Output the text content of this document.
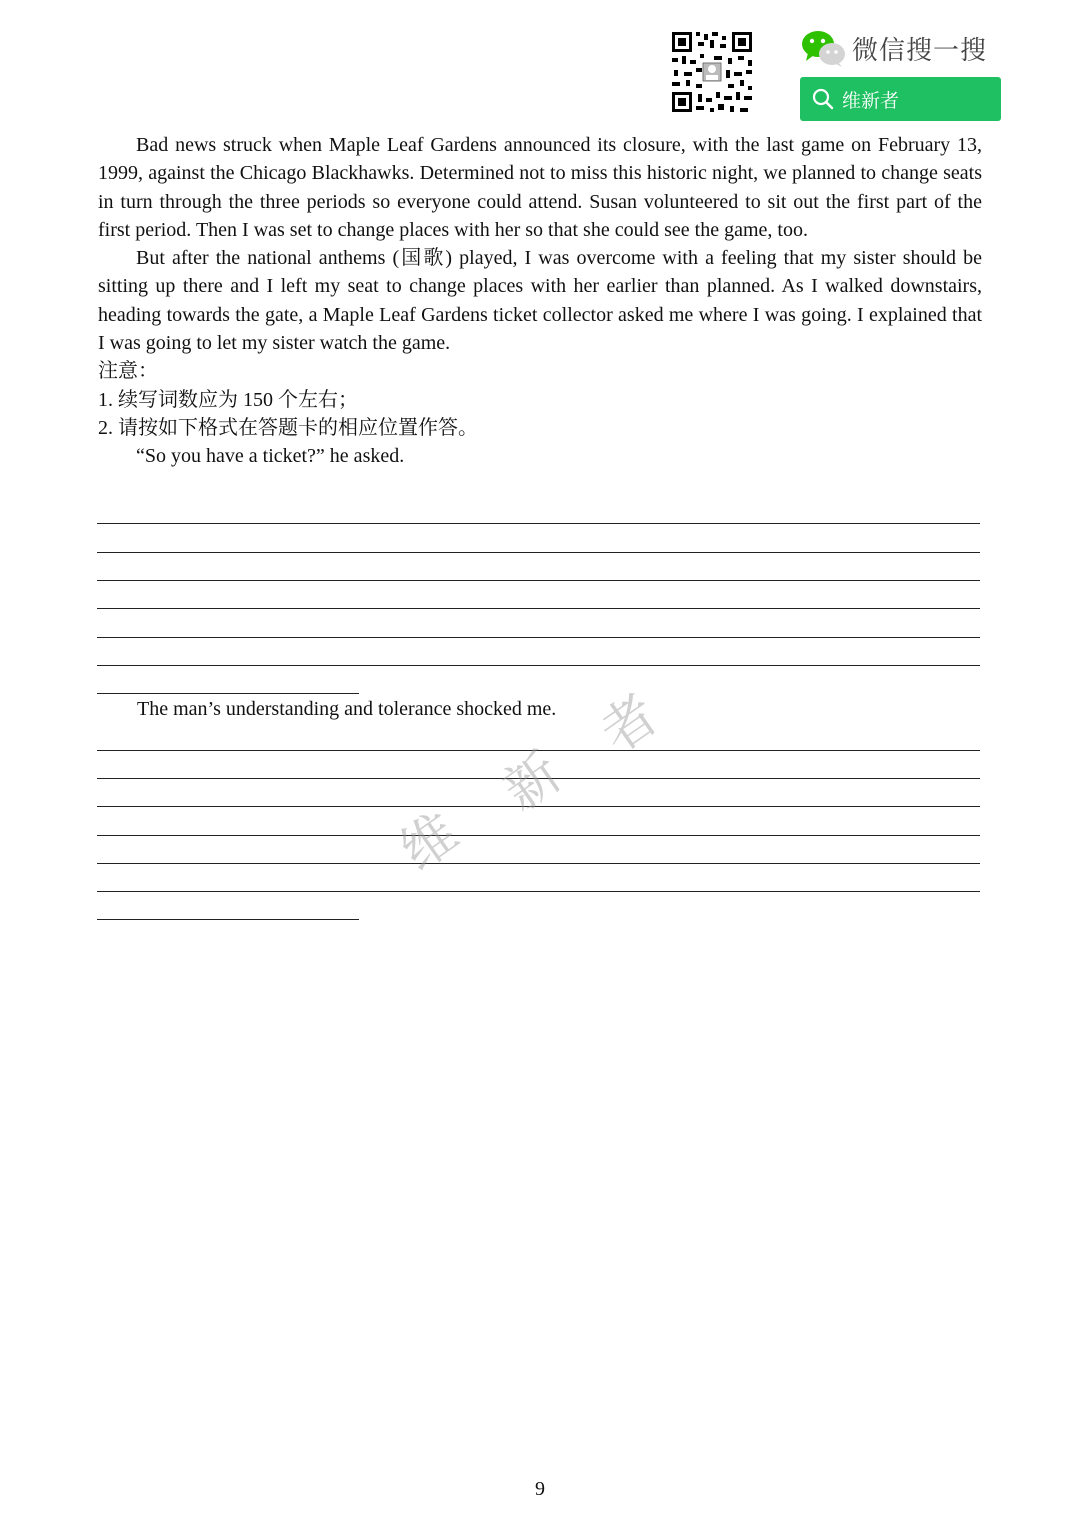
微信搜一搜
维新者

Bad news struck when Maple Leaf Gardens announced its closure, with the last game on February 13, 1999, against the Chicago Blackhawks. Determined not to miss this historic night, we planned to change seats in turn through the three periods so everyone could attend. Susan volunteered to sit out the first part of the first period. Then I was set to change places with her so that she could see the game, too.

But after the national anthems (国歌) played, I was overcome with a feeling that my sister should be sitting up there and I left my seat to change places with her earlier than planned. As I walked downstairs, heading towards the gate, a Maple Leaf Gardens ticket collector asked me where I was going. I explained that I was going to let my sister watch the game.

注意：
1. 续写词数应为 150 个左右；
2. 请按如下格式在答题卡的相应位置作答。
“So you have a ticket?” he asked.
The man’s understanding and tolerance shocked me.
维
新
者
9
